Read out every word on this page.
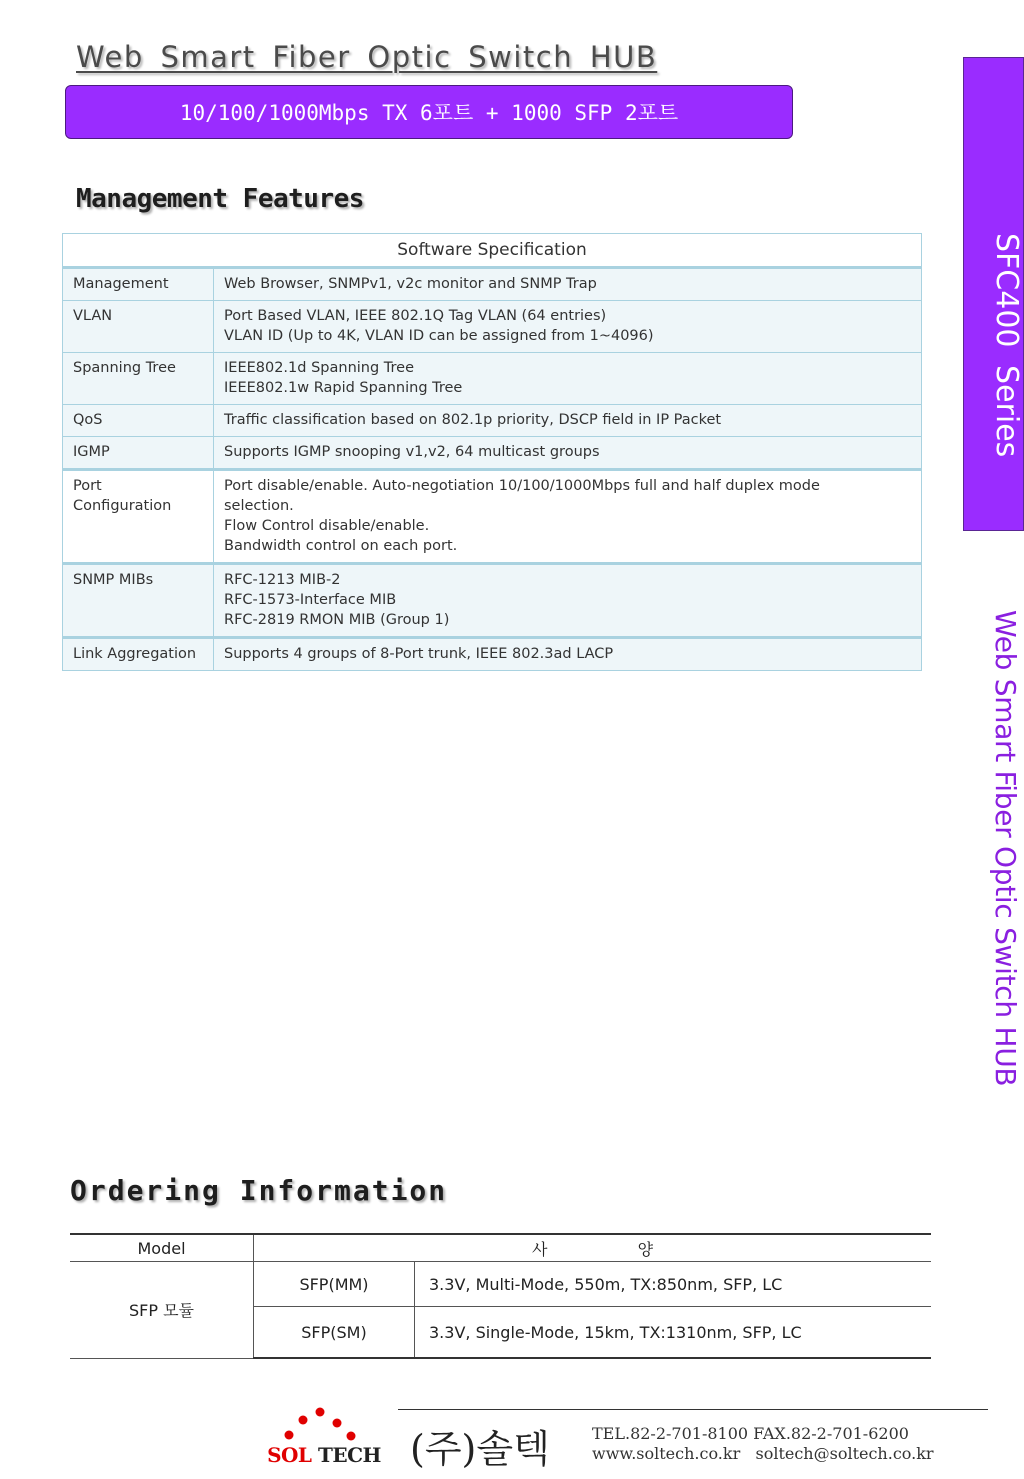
Web Smart Fiber Optic Switch HUB
10/100/1000Mbps TX 6포트 + 1000 SFP 2포트
Management Features
Software Specification	

Management	Web Browser, SNMPv1, v2c monitor and SNMP Trap

VLAN	Port Based VLAN, IEEE 802.1Q Tag VLAN (64 entries)
VLAN ID (Up to 4K, VLAN ID can be assigned from 1~4096)

Spanning Tree	IEEE802.1d Spanning Tree
IEEE802.1w Rapid Spanning Tree

QoS	Traffic classification based on 802.1p priority, DSCP field in IP Packet

IGMP	Supports IGMP snooping v1,v2, 64 multicast groups

Port
Configuration	Port disable/enable. Auto-negotiation 10/100/1000Mbps full and half duplex mode
selection.
Flow Control disable/enable.
Bandwidth control on each port.

SNMP MIBs	RFC-1213 MIB-2
RFC-1573-Interface MIB
RFC-2819 RMON MIB (Group 1)

Link Aggregation	Supports 4 groups of 8-Port trunk, IEEE 802.3ad LACP
SFC400 Series
Web Smart Fiber Optic Switch HUB
Ordering Information
Model	사 양	
SFP 모듈	SFP(MM)	3.3V, Multi-Mode, 550m, TX:850nm, SFP, LC
	SFP(SM)	3.3V, Single-Mode, 15km, TX:1310nm, SFP, LC
SOL TECH (주)솔텍	TEL.82-2-701-8100 FAX.82-2-701-6200
www.soltech.co.kr   soltech@soltech.co.kr
